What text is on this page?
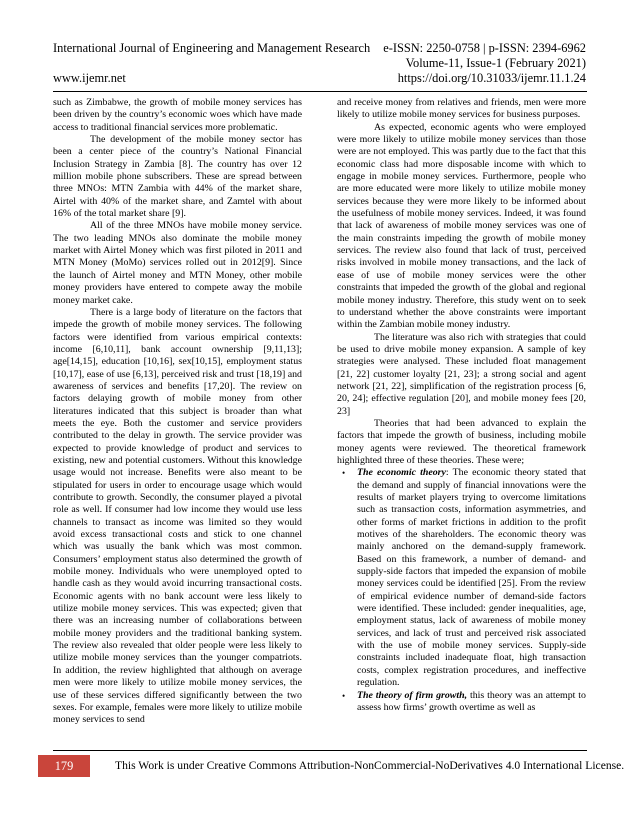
International Journal of Engineering and Management Research e-ISSN: 2250-0758 | p-ISSN: 2394-6962
Volume-11, Issue-1 (February 2021)
www.ijemr.net	https://doi.org/10.31033/ijemr.11.1.24

such as Zimbabwe, the growth of mobile money services has been driven by the country’s economic woes which have made access to traditional financial services more problematic.

The development of the mobile money sector has been a center piece of the country’s National Financial Inclusion Strategy in Zambia [8]. The country has over 12 million mobile phone subscribers. These are spread between three MNOs: MTN Zambia with 44% of the market share, Airtel with 40% of the market share, and Zamtel with about 16% of the total market share [9].

All of the three MNOs have mobile money service. The two leading MNOs also dominate the mobile money market with Airtel Money which was first piloted in 2011 and MTN Money (MoMo) services rolled out in 2012[9]. Since the launch of Airtel money and MTN Money, other mobile money providers have entered to compete away the mobile money market cake.

There is a large body of literature on the factors that impede the growth of mobile money services. The following factors were identified from various empirical contexts: income [6,10,11], bank account ownership [9,11,13]; age[14,15], education [10,16], sex[10,15], employment status [10,17], ease of use [6,13], perceived risk and trust [18,19] and awareness of services and benefits [17,20]. The review on factors delaying growth of mobile money from other literatures indicated that this subject is broader than what meets the eye. Both the customer and service providers contributed to the delay in growth. The service provider was expected to provide knowledge of product and services to existing, new and potential customers. Without this knowledge usage would not increase. Benefits were also meant to be stipulated for users in order to encourage usage which would contribute to growth. Secondly, the consumer played a pivotal role as well. If consumer had low income they would use less channels to transact as income was limited so they would avoid excess transactional costs and stick to one channel which was usually the bank which was most common. Consumers’ employment status also determined the growth of mobile money. Individuals who were unemployed opted to handle cash as they would avoid incurring transactional costs. Economic agents with no bank account were less likely to utilize mobile money services. This was expected; given that there was an increasing number of collaborations between mobile money providers and the traditional banking system. The review also revealed that older people were less likely to utilize mobile money services than the younger compatriots. In addition, the review highlighted that although on average men were more likely to utilize mobile money services, the use of these services differed significantly between the two sexes. For example, females were more likely to utilize mobile money services to send

and receive money from relatives and friends, men were more likely to utilize mobile money services for business purposes.

As expected, economic agents who were employed were more likely to utilize mobile money services than those were are not employed. This was partly due to the fact that this economic class had more disposable income with which to engage in mobile money services. Furthermore, people who are more educated were more likely to utilize mobile money services because they were more likely to be informed about the usefulness of mobile money services. Indeed, it was found that lack of awareness of mobile money services was one of the main constraints impeding the growth of mobile money services. The review also found that lack of trust, perceived risks involved in mobile money transactions, and the lack of ease of use of mobile money services were the other constraints that impeded the growth of the global and regional mobile money industry. Therefore, this study went on to seek to understand whether the above constraints were important within the Zambian mobile money industry.

The literature was also rich with strategies that could be used to drive mobile money expansion. A sample of key strategies were analysed. These included float management [21, 22] customer loyalty [21, 23]; a strong social and agent network [21, 22], simplification of the registration process [6, 20, 24]; effective regulation [20], and mobile money fees [20, 23]

Theories that had been advanced to explain the factors that impede the growth of business, including mobile money agents were reviewed. The theoretical framework highlighted three of these theories. These were;

• The economic theory: The economic theory stated that the demand and supply of financial innovations were the results of market players trying to overcome limitations such as transaction costs, information asymmetries, and other forms of market frictions in addition to the profit motives of the shareholders. The economic theory was mainly anchored on the demand-supply framework. Based on this framework, a number of demand- and supply-side factors that impeded the expansion of mobile money services could be identified [25]. From the review of empirical evidence number of demand-side factors were identified. These included: gender inequalities, age, employment status, lack of awareness of mobile money services, and lack of trust and perceived risk associated with the use of mobile money services. Supply-side constraints included inadequate float, high transaction costs, complex registration procedures, and ineffective regulation.
• The theory of firm growth, this theory was an attempt to assess how firms’ growth overtime as well as
179	This Work is under Creative Commons Attribution-NonCommercial-NoDerivatives 4.0 International License.
